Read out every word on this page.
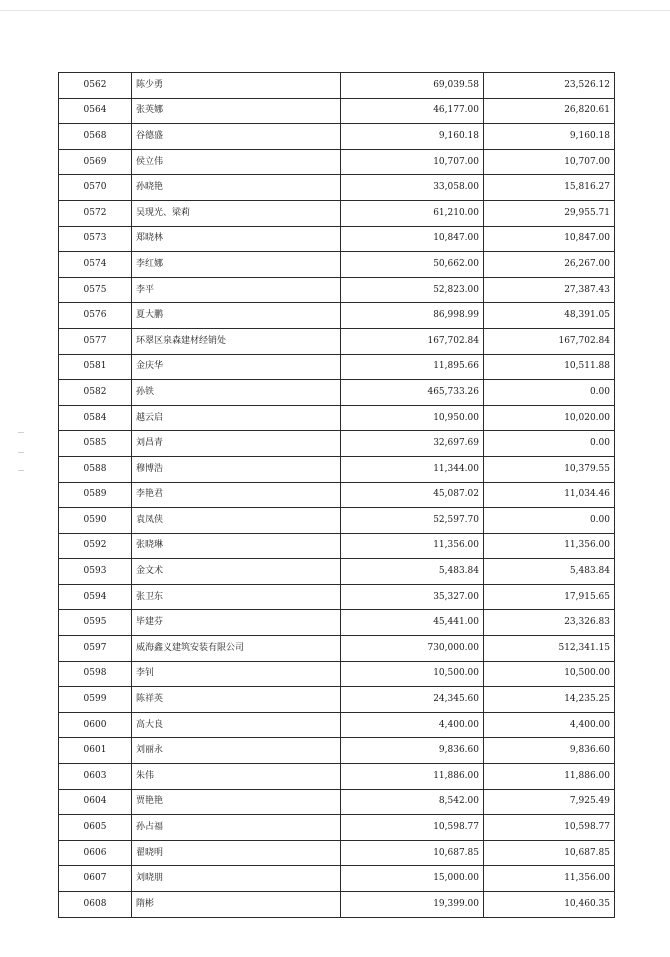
0562	陈少勇	69,039.58	23,526.12
0564	张英娜	46,177.00	26,820.61
0568	谷德盛	9,160.18	9,160.18
0569	侯立伟	10,707.00	10,707.00
0570	孙晓艳	33,058.00	15,816.27
0572	吴现光、梁莉	61,210.00	29,955.71
0573	郑晓林	10,847.00	10,847.00
0574	李红娜	50,662.00	26,267.00
0575	李平	52,823.00	27,387.43
0576	夏大鹏	86,998.99	48,391.05
0577	环翠区泉森建材经销处	167,702.84	167,702.84
0581	金庆华	11,895.66	10,511.88
0582	孙铁	465,733.26	0.00
0584	越云启	10,950.00	10,020.00
0585	刘昌青	32,697.69	0.00
0588	穆博浩	11,344.00	10,379.55
0589	李艳君	45,087.02	11,034.46
0590	袁凤侠	52,597.70	0.00
0592	张晓琳	11,356.00	11,356.00
0593	金文术	5,483.84	5,483.84
0594	张卫东	35,327.00	17,915.65
0595	毕建芬	45,441.00	23,326.83
0597	威海鑫义建筑安装有限公司	730,000.00	512,341.15
0598	李钊	10,500.00	10,500.00
0599	陈祥英	24,345.60	14,235.25
0600	高大良	4,400.00	4,400.00
0601	刘丽永	9,836.60	9,836.60
0603	朱伟	11,886.00	11,886.00
0604	贾艳艳	8,542.00	7,925.49
0605	孙占福	10,598.77	10,598.77
0606	翟晓明	10,687.85	10,687.85
0607	刘晓朋	15,000.00	11,356.00
0608	隋彬	19,399.00	10,460.35
